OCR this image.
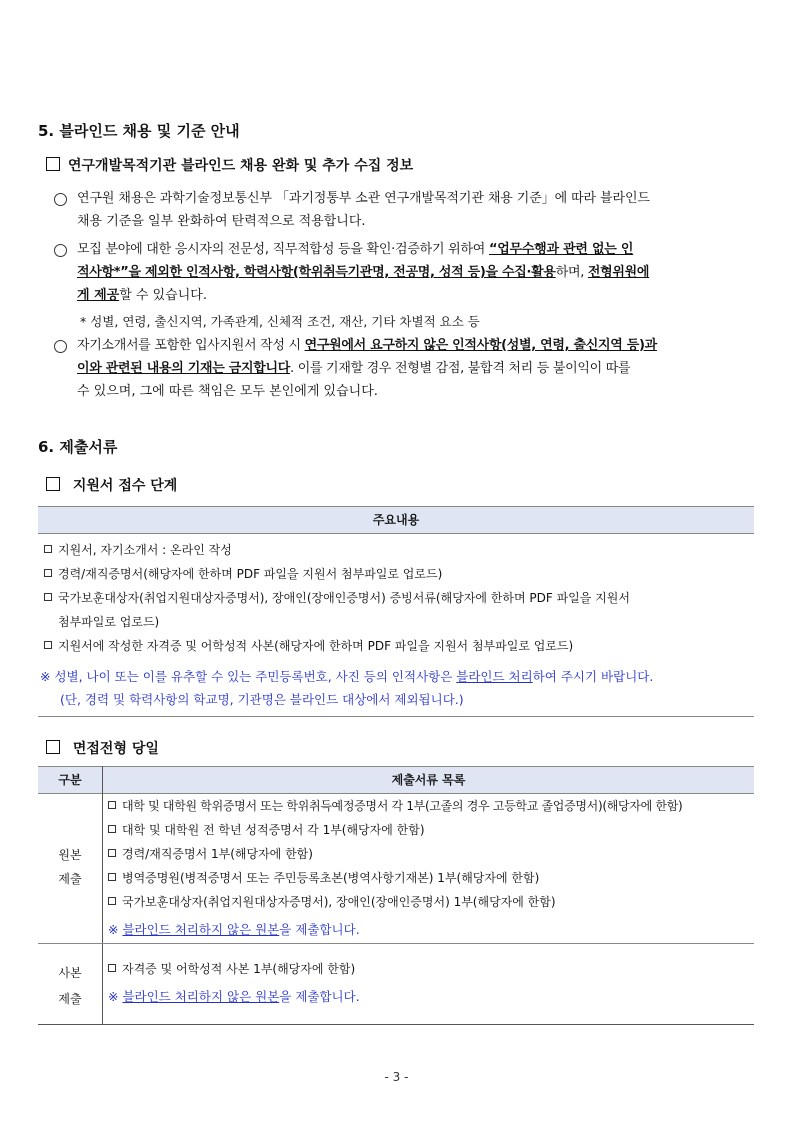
5. 블라인드 채용 및 기준 안내
연구개발목적기관 블라인드 채용 완화 및 추가 수집 정보
연구원 채용은 과학기술정보통신부 「과기정통부 소관 연구개발목적기관 채용 기준」에 따라 블라인드
채용 기준을 일부 완화하여 탄력적으로 적용합니다.
모집 분야에 대한 응시자의 전문성, 직무적합성 등을 확인·검증하기 위하여 “업무수행과 관련 없는 인
적사항*”을 제외한 인적사항, 학력사항(학위취득기관명, 전공명, 성적 등)을 수집·활용하며, 전형위원에
게 제공할 수 있습니다.
* 성별, 연령, 출신지역, 가족관계, 신체적 조건, 재산, 기타 차별적 요소 등
자기소개서를 포함한 입사지원서 작성 시 연구원에서 요구하지 않은 인적사항(성별, 연령, 출신지역 등)과
이와 관련된 내용의 기재는 금지합니다. 이를 기재할 경우 전형별 감점, 불합격 처리 등 불이익이 따를
수 있으며, 그에 따른 책임은 모두 본인에게 있습니다.
6. 제출서류
지원서 접수 단계
주요내용
지원서, 자기소개서 : 온라인 작성
경력/재직증명서(해당자에 한하며 PDF 파일을 지원서 첨부파일로 업로드)
국가보훈대상자(취업지원대상자증명서), 장애인(장애인증명서) 증빙서류(해당자에 한하며 PDF 파일을 지원서
첨부파일로 업로드)
지원서에 작성한 자격증 및 어학성적 사본(해당자에 한하며 PDF 파일을 지원서 첨부파일로 업로드)
※ 성별, 나이 또는 이를 유추할 수 있는 주민등록번호, 사진 등의 인적사항은 블라인드 처리하여 주시기 바랍니다.
(단, 경력 및 학력사항의 학교명, 기관명은 블라인드 대상에서 제외됩니다.)
면접전형 당일
구분	제출서류 목록
원본
제출
대학 및 대학원 학위증명서 또는 학위취득예정증명서 각 1부(고졸의 경우 고등학교 졸업증명서)(해당자에 한함)
대학 및 대학원 전 학년 성적증명서 각 1부(해당자에 한함)
경력/재직증명서 1부(해당자에 한함)
병역증명원(병적증명서 또는 주민등록초본(병역사항기재본) 1부(해당자에 한함)
국가보훈대상자(취업지원대상자증명서), 장애인(장애인증명서) 1부(해당자에 한함)
※ 블라인드 처리하지 않은 원본을 제출합니다.
사본
제출
자격증 및 어학성적 사본 1부(해당자에 한함)
※ 블라인드 처리하지 않은 원본을 제출합니다.
- 3 -
